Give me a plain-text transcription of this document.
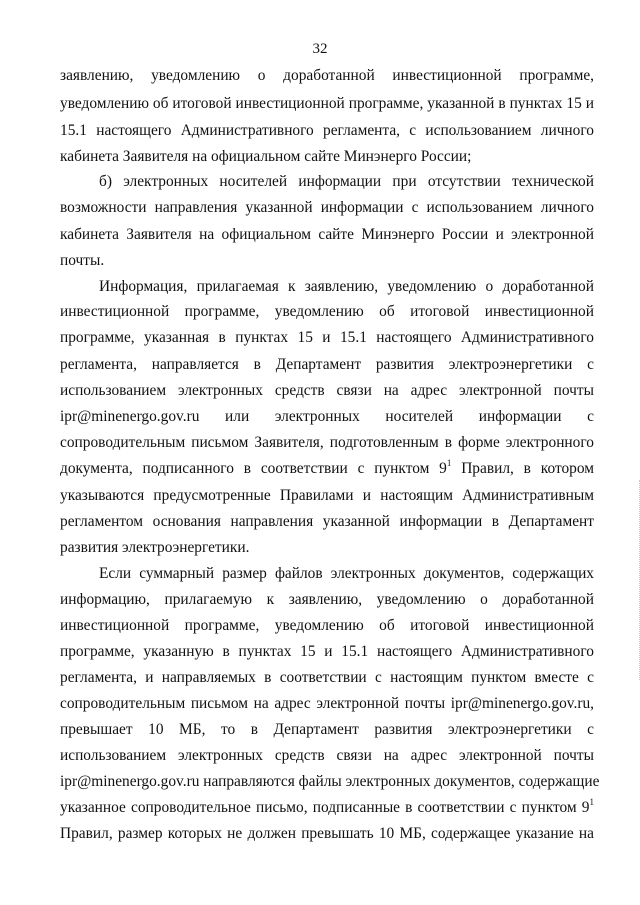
32
заявлению, уведомлению о доработанной инвестиционной программе,
уведомлению об итоговой инвестиционной программе, указанной в пунктах 15 и
15.1 настоящего Административного регламента, с использованием личного
кабинета Заявителя на официальном сайте Минэнерго России;
б) электронных носителей информации при отсутствии технической
возможности направления указанной информации с использованием личного
кабинета Заявителя на официальном сайте Минэнерго России и электронной
почты.
Информация, прилагаемая к заявлению, уведомлению о доработанной
инвестиционной программе, уведомлению об итоговой инвестиционной
программе, указанная в пунктах 15 и 15.1 настоящего Административного
регламента, направляется в Департамент развития электроэнергетики с
использованием электронных средств связи на адрес электронной почты
ipr@minenergo.gov.ru или электронных носителей информации с
сопроводительным письмом Заявителя, подготовленным в форме электронного
документа, подписанного в соответствии с пунктом $9^1$ Правил, в котором
указываются предусмотренные Правилами и настоящим Административным
регламентом основания направления указанной информации в Департамент
развития электроэнергетики.
Если суммарный размер файлов электронных документов, содержащих
информацию, прилагаемую к заявлению, уведомлению о доработанной
инвестиционной программе, уведомлению об итоговой инвестиционной
программе, указанную в пунктах 15 и 15.1 настоящего Административного
регламента, и направляемых в соответствии с настоящим пунктом вместе с
сопроводительным письмом на адрес электронной почты ipr@minenergo.gov.ru,
превышает 10 МБ, то в Департамент развития электроэнергетики с
использованием электронных средств связи на адрес электронной почты
ipr@minenergo.gov.ru направляются файлы электронных документов, содержащие
указанное сопроводительное письмо, подписанные в соответствии с пунктом $9^1$
Правил, размер которых не должен превышать 10 МБ, содержащее указание на
